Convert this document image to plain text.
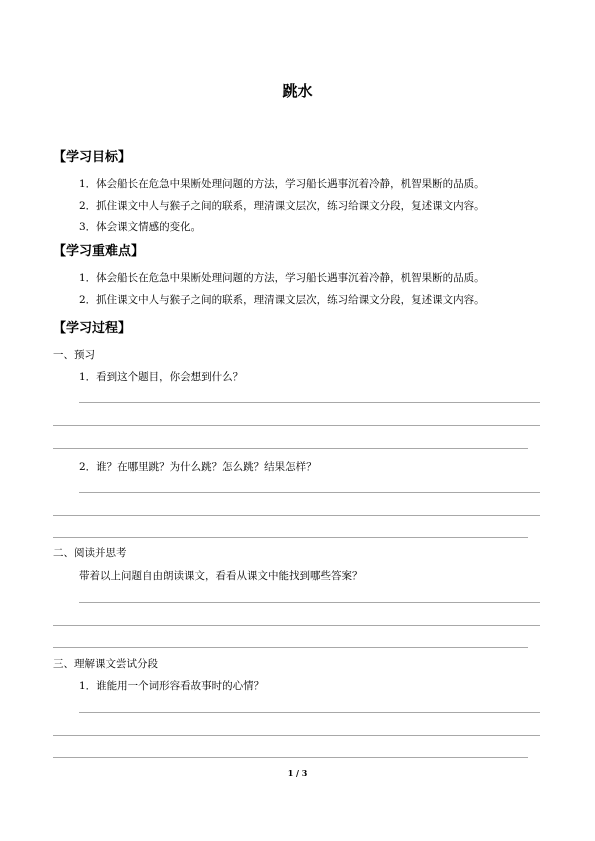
跳水
【学习目标】
1．体会船长在危急中果断处理问题的方法，学习船长遇事沉着冷静，机智果断的品质。
2．抓住课文中人与猴子之间的联系，理清课文层次，练习给课文分段，复述课文内容。
3．体会课文情感的变化。
【学习重难点】
1．体会船长在危急中果断处理问题的方法，学习船长遇事沉着冷静，机智果断的品质。
2．抓住课文中人与猴子之间的联系，理清课文层次，练习给课文分段，复述课文内容。
【学习过程】
一、预习
1．看到这个题目，你会想到什么？
2．谁？在哪里跳？为什么跳？怎么跳？结果怎样？
二、阅读并思考
带着以上问题自由朗读课文，看看从课文中能找到哪些答案？
三、理解课文尝试分段
1．谁能用一个词形容看故事时的心情？
1 / 3
